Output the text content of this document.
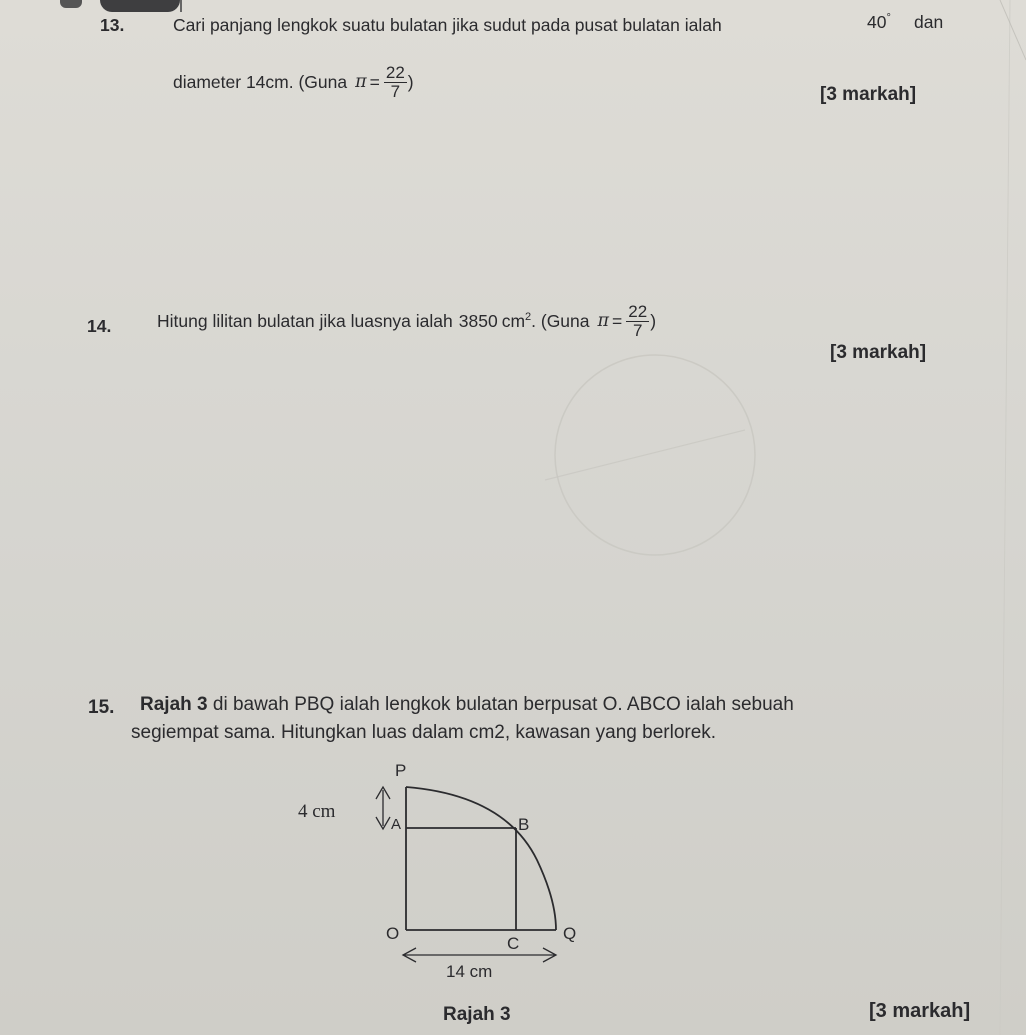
13.	Cari panjang lengkok suatu bulatan jika sudut pada pusat bulatan ialah	40° dan
diameter 14cm. (Guna $\pi = \frac{22}{7}$ )
[3 markah]
14.	Hitung lilitan bulatan jika luasnya ialah 3850 $cm^2$ . (Guna $\pi = \frac{22}{7}$ )
[3 markah]
15. Rajah 3 di bawah PBQ ialah lengkok bulatan berpusat O. ABCO ialah sebuah
segiempat sama. Hitungkan luas dalam cm2, kawasan yang berlorek.
P
A	B
O
C
Q
4 cm
14 cm
Rajah 3	[3 markah]
